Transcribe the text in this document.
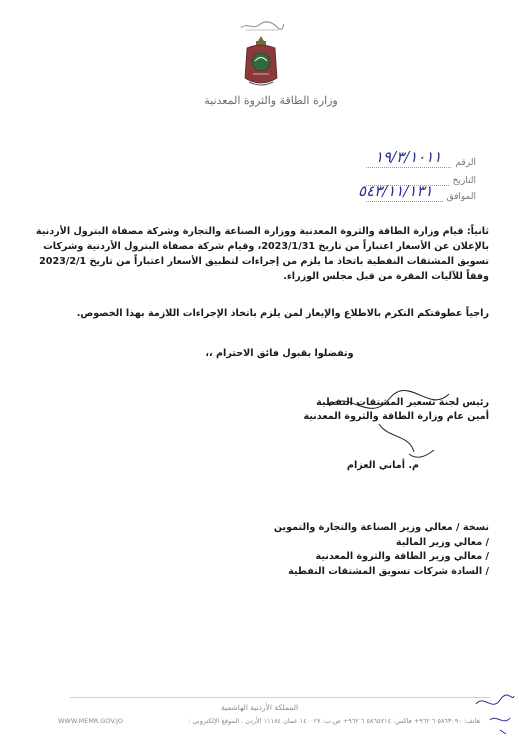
وزارة الطاقة والثروة المعدنية
الرقم
١٩/٣/١٠١١
التاريخ
الموافق
٥٤٣/١١/١٣١
ثانياً: قيام وزارة الطاقة والثروة المعدنية ووزارة الصناعة والتجارة وشركة مصفاة البترول الأردنية بالإعلان عن الأسعار اعتباراً من تاريخ 2023/1/31، وقيام شركة مصفاة البترول الأردنية وشركات تسويق المشتقات النفطية باتخاذ ما يلزم من إجراءات لتطبيق الأسعار اعتباراً من تاريخ 2023/2/1 وفقاً للآليات المقرة من قبل مجلس الوزراء.
راجياً عطوفتكم التكرم بالاطلاع والإيعاز لمن يلزم باتخاذ الإجراءات اللازمة بهذا الخصوص.
وتفضلوا بقبول فائق الاحترام ،،
رئيس لجنة تسعير المشتقات النفطية
أمين عام وزارة الطاقة والثروة المعدنية
م. أماني العزام
نسخة / معالي وزير الصناعة والتجارة والتموين
/ معالي وزير المالية
/ معالي وزير الطاقة والثروة المعدنية
/ السادة شركات تسويق المشتقات النفطية
المملكة الأردنية الهاشمية
هاتف: ٥٨٦٣٠٩٠ ٦ ٩٦٢+ فاكس: ٥٨٦٥٧١٤ ٦ ٩٦٢+ ص.ب: ١٤٠٠٢٧ عمان ١١١٨٤ الأردن . الموقع الإلكتروني :
WWW.MEMR.GOV.JO
